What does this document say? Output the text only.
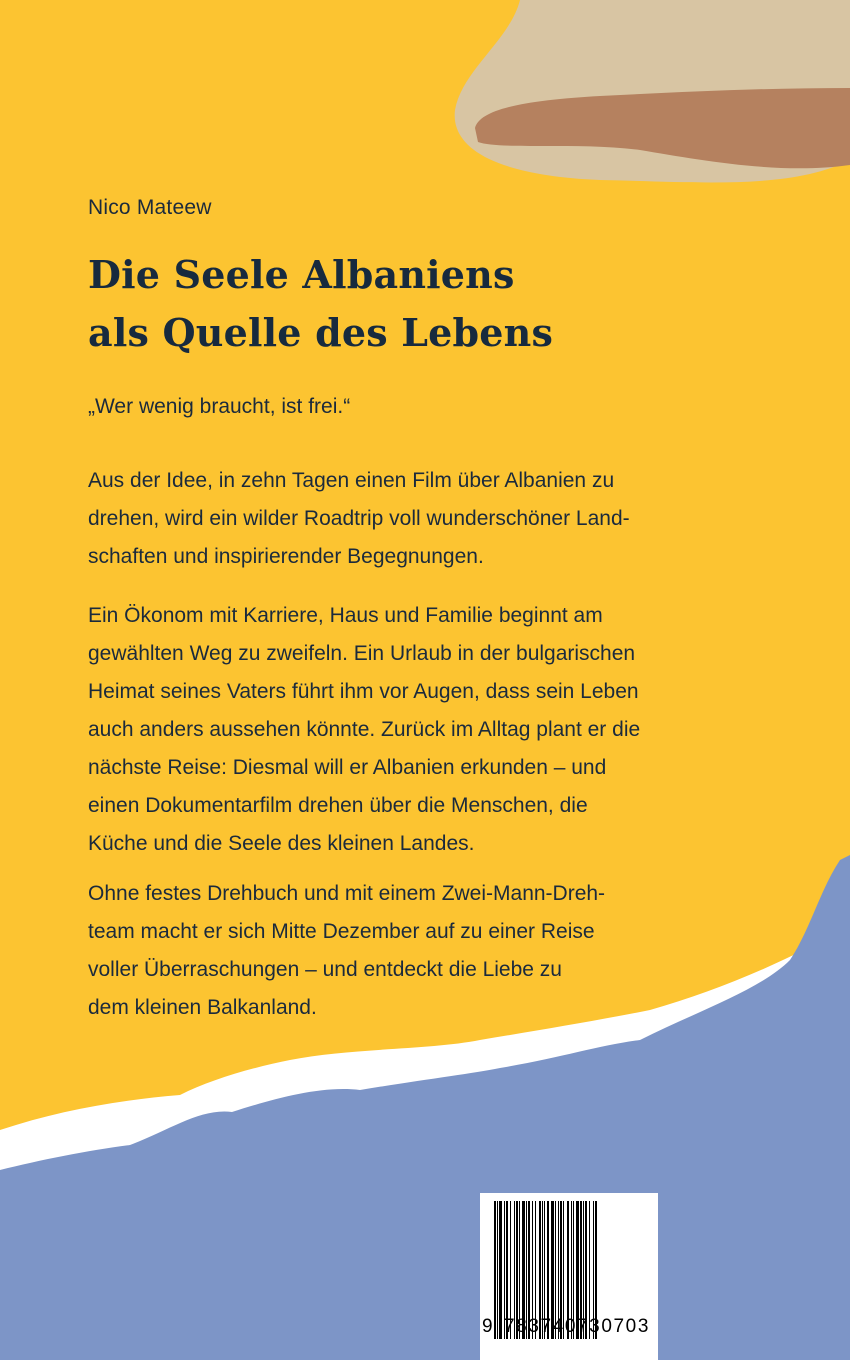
Nico Mateew

Die Seele Albaniens
als Quelle des Lebens

„Wer wenig braucht, ist frei.“

Aus der Idee, in zehn Tagen einen Film über Albanien zu
drehen, wird ein wilder Roadtrip voll wunderschöner Land-
schaften und inspirierender Begegnungen.
Ein Ökonom mit Karriere, Haus und Familie beginnt am
gewählten Weg zu zweifeln. Ein Urlaub in der bulgarischen
Heimat seines Vaters führt ihm vor Augen, dass sein Leben
auch anders aussehen könnte. Zurück im Alltag plant er die
nächste Reise: Diesmal will er Albanien erkunden – und
einen Dokumentarfilm drehen über die Menschen, die
Küche und die Seele des kleinen Landes.
Ohne festes Drehbuch und mit einem Zwei-Mann-Dreh-
team macht er sich Mitte Dezember auf zu einer Reise
voller Überraschungen – und entdeckt die Liebe zu
dem kleinen Balkanland.
9 783740730703
